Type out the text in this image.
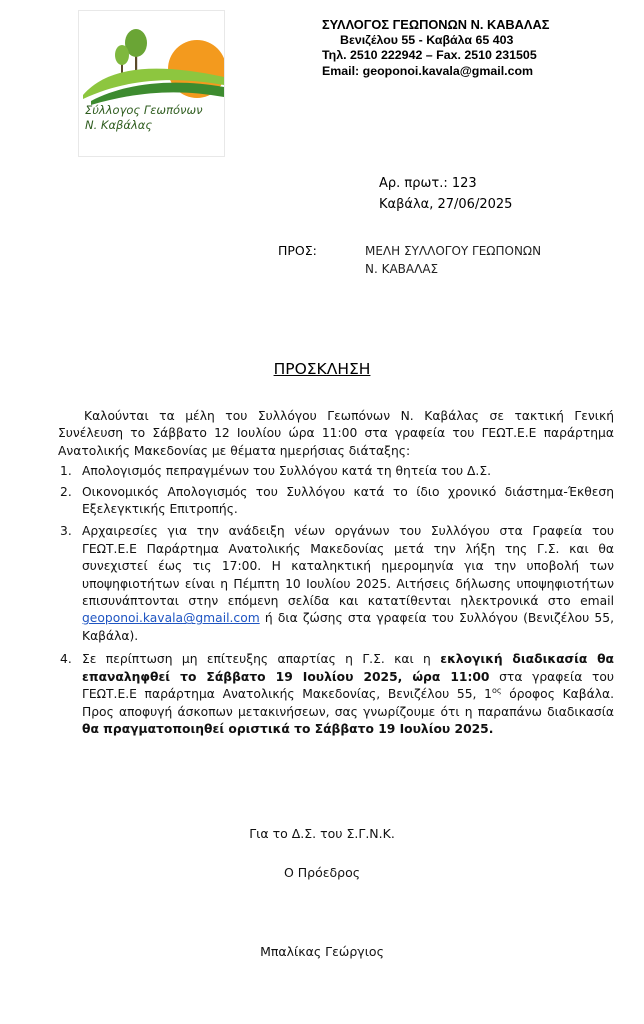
Σύλλογος Γεωπόνων
Ν. Καβάλας
ΣΥΛΛΟΓΟΣ ΓΕΩΠΟΝΩΝ Ν. ΚΑΒΑΛΑΣ
Βενιζέλου 55 - Καβάλα 65 403
Τηλ. 2510 222942 – Fax. 2510 231505
Email: geoponoi.kavala@gmail.com
Αρ. πρωτ.: 123
Καβάλα, 27/06/2025
ΠΡΟΣ:	ΜΕΛΗ ΣΥΛΛΟΓΟΥ ΓΕΩΠΟΝΩΝ
Ν. ΚΑΒΑΛΑΣ
ΠΡΟΣΚΛΗΣΗ

Καλούνται τα μέλη του Συλλόγου Γεωπόνων Ν. Καβάλας σε τακτική Γενική Συνέλευση το Σάββατο 12 Ιουλίου ώρα 11:00 στα γραφεία του ΓΕΩΤ.Ε.Ε παράρτημα Ανατολικής Μακεδονίας με θέματα ημερήσιας διάταξης:

1. Απολογισμός πεπραγμένων του Συλλόγου κατά τη θητεία του Δ.Σ.
2. Οικονομικός Απολογισμός του Συλλόγου κατά το ίδιο χρονικό διάστημα-Έκθεση Εξελεγκτικής Επιτροπής.
3. Αρχαιρεσίες για την ανάδειξη νέων οργάνων του Συλλόγου στα Γραφεία του ΓΕΩΤ.Ε.Ε Παράρτημα Ανατολικής Μακεδονίας μετά την λήξη της Γ.Σ. και θα συνεχιστεί έως τις 17:00. Η καταληκτική ημερομηνία για την υποβολή των υποψηφιοτήτων είναι η Πέμπτη 10 Ιουλίου 2025. Αιτήσεις δήλωσης υποψηφιοτήτων επισυνάπτονται στην επόμενη σελίδα και κατατίθενται ηλεκτρονικά στο email geoponoi.kavala@gmail.com ή δια ζώσης στα γραφεία του Συλλόγου (Βενιζέλου 55, Καβάλα).
4. Σε περίπτωση μη επίτευξης απαρτίας η Γ.Σ. και η εκλογική διαδικασία θα επαναληφθεί το Σάββατο 19 Ιουλίου 2025, ώρα 11:00 στα γραφεία του ΓΕΩΤ.Ε.Ε παράρτημα Ανατολικής Μακεδονίας, Βενιζέλου 55, $1^{o\varsigma}$ όροφος Καβάλα. Προς αποφυγή άσκοπων μετακινήσεων, σας γνωρίζουμε ότι η παραπάνω διαδικασία θα πραγματοποιηθεί οριστικά το Σάββατο 19 Ιουλίου 2025.
Για το Δ.Σ. του Σ.Γ.Ν.Κ.
Ο Πρόεδρος
Μπαλίκας Γεώργιος
